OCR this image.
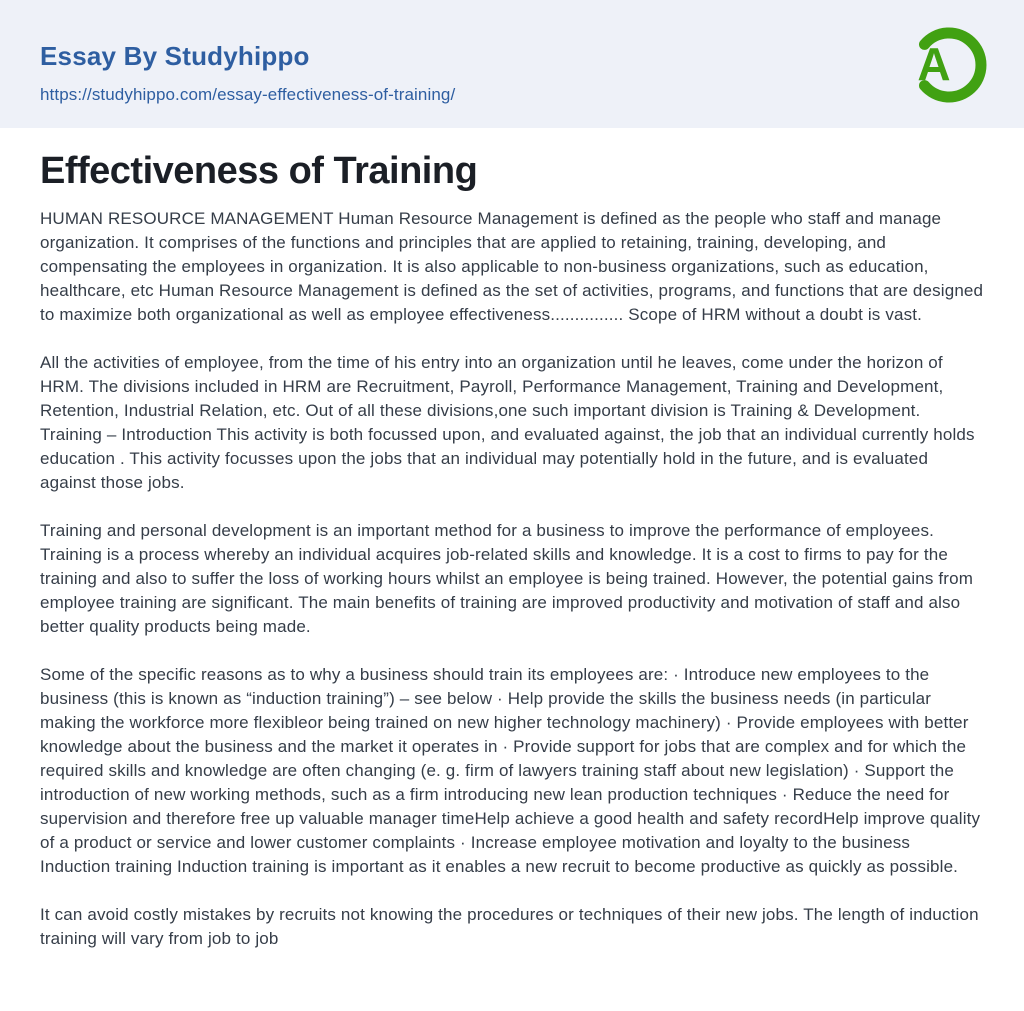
Essay By Studyhippo
https://studyhippo.com/essay-effectiveness-of-training/
A
Effectiveness of Training

HUMAN RESOURCE MANAGEMENT Human Resource Management is defined as the people who staff and manage organization. It comprises of the functions and principles that are applied to retaining, training, developing, and compensating the employees in organization. It is also applicable to non-business organizations, such as education, healthcare, etc Human Resource Management is defined as the set of activities, programs, and functions that are designed to maximize both organizational as well as employee effectiveness............... Scope of HRM without a doubt is vast.

All the activities of employee, from the time of his entry into an organization until he leaves, come under the horizon of HRM. The divisions included in HRM are Recruitment, Payroll, Performance Management, Training and Development, Retention, Industrial Relation, etc. Out of all these divisions,one such important division is Training & Development. Training – Introduction This activity is both focussed upon, and evaluated against, the job that an individual currently holds education . This activity focusses upon the jobs that an individual may potentially hold in the future, and is evaluated against those jobs.

Training and personal development is an important method for a business to improve the performance of employees. Training is a process whereby an individual acquires job-related skills and knowledge. It is a cost to firms to pay for the training and also to suffer the loss of working hours whilst an employee is being trained. However, the potential gains from employee training are significant. The main benefits of training are improved productivity and motivation of staff and also better quality products being made.

Some of the specific reasons as to why a business should train its employees are: · Introduce new employees to the business (this is known as “induction training”) – see below · Help provide the skills the business needs (in particular making the workforce more flexibleor being trained on new higher technology machinery) · Provide employees with better knowledge about the business and the market it operates in · Provide support for jobs that are complex and for which the required skills and knowledge are often changing (e. g. firm of lawyers training staff about new legislation) · Support the introduction of new working methods, such as a firm introducing new lean production techniques · Reduce the need for supervision and therefore free up valuable manager timeHelp achieve a good health and safety recordHelp improve quality of a product or service and lower customer complaints · Increase employee motivation and loyalty to the business Induction training Induction training is important as it enables a new recruit to become productive as quickly as possible.

It can avoid costly mistakes by recruits not knowing the procedures or techniques of their new jobs. The length of induction training will vary from job to job
